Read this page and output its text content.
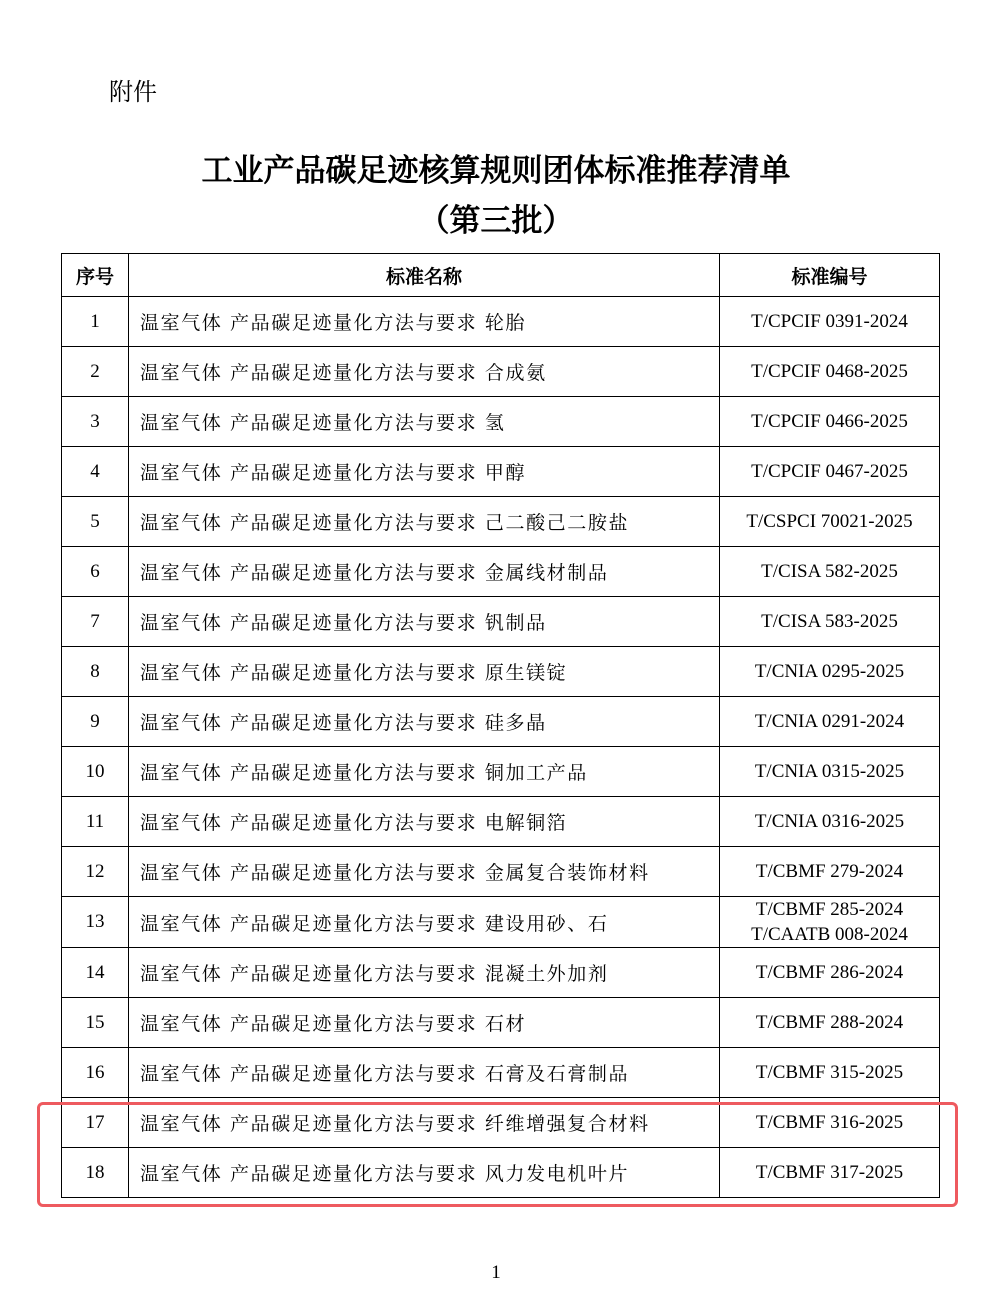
附件
工业产品碳足迹核算规则团体标准推荐清单
（第三批）
序号	标准名称	标准编号
1	温室气体 产品碳足迹量化方法与要求 轮胎	T/CPCIF 0391-2024

2	温室气体 产品碳足迹量化方法与要求 合成氨	T/CPCIF 0468-2025

3	温室气体 产品碳足迹量化方法与要求 氢	T/CPCIF 0466-2025

4	温室气体 产品碳足迹量化方法与要求 甲醇	T/CPCIF 0467-2025

5	温室气体 产品碳足迹量化方法与要求 己二酸己二胺盐	T/CSPCI 70021-2025

6	温室气体 产品碳足迹量化方法与要求 金属线材制品	T/CISA 582-2025

7	温室气体 产品碳足迹量化方法与要求 钒制品	T/CISA 583-2025

8	温室气体 产品碳足迹量化方法与要求 原生镁锭	T/CNIA 0295-2025

9	温室气体 产品碳足迹量化方法与要求 硅多晶	T/CNIA 0291-2024

10	温室气体 产品碳足迹量化方法与要求 铜加工产品	T/CNIA 0315-2025

11	温室气体 产品碳足迹量化方法与要求 电解铜箔	T/CNIA 0316-2025

12	温室气体 产品碳足迹量化方法与要求 金属复合装饰材料	T/CBMF 279-2024

13	温室气体 产品碳足迹量化方法与要求 建设用砂、石	T/CBMF 285-2024
T/CAATB 008-2024

14	温室气体 产品碳足迹量化方法与要求 混凝土外加剂	T/CBMF 286-2024

15	温室气体 产品碳足迹量化方法与要求 石材	T/CBMF 288-2024

16	温室气体 产品碳足迹量化方法与要求 石膏及石膏制品	T/CBMF 315-2025

17	温室气体 产品碳足迹量化方法与要求 纤维增强复合材料	T/CBMF 316-2025

18	温室气体 产品碳足迹量化方法与要求 风力发电机叶片	T/CBMF 317-2025
1
